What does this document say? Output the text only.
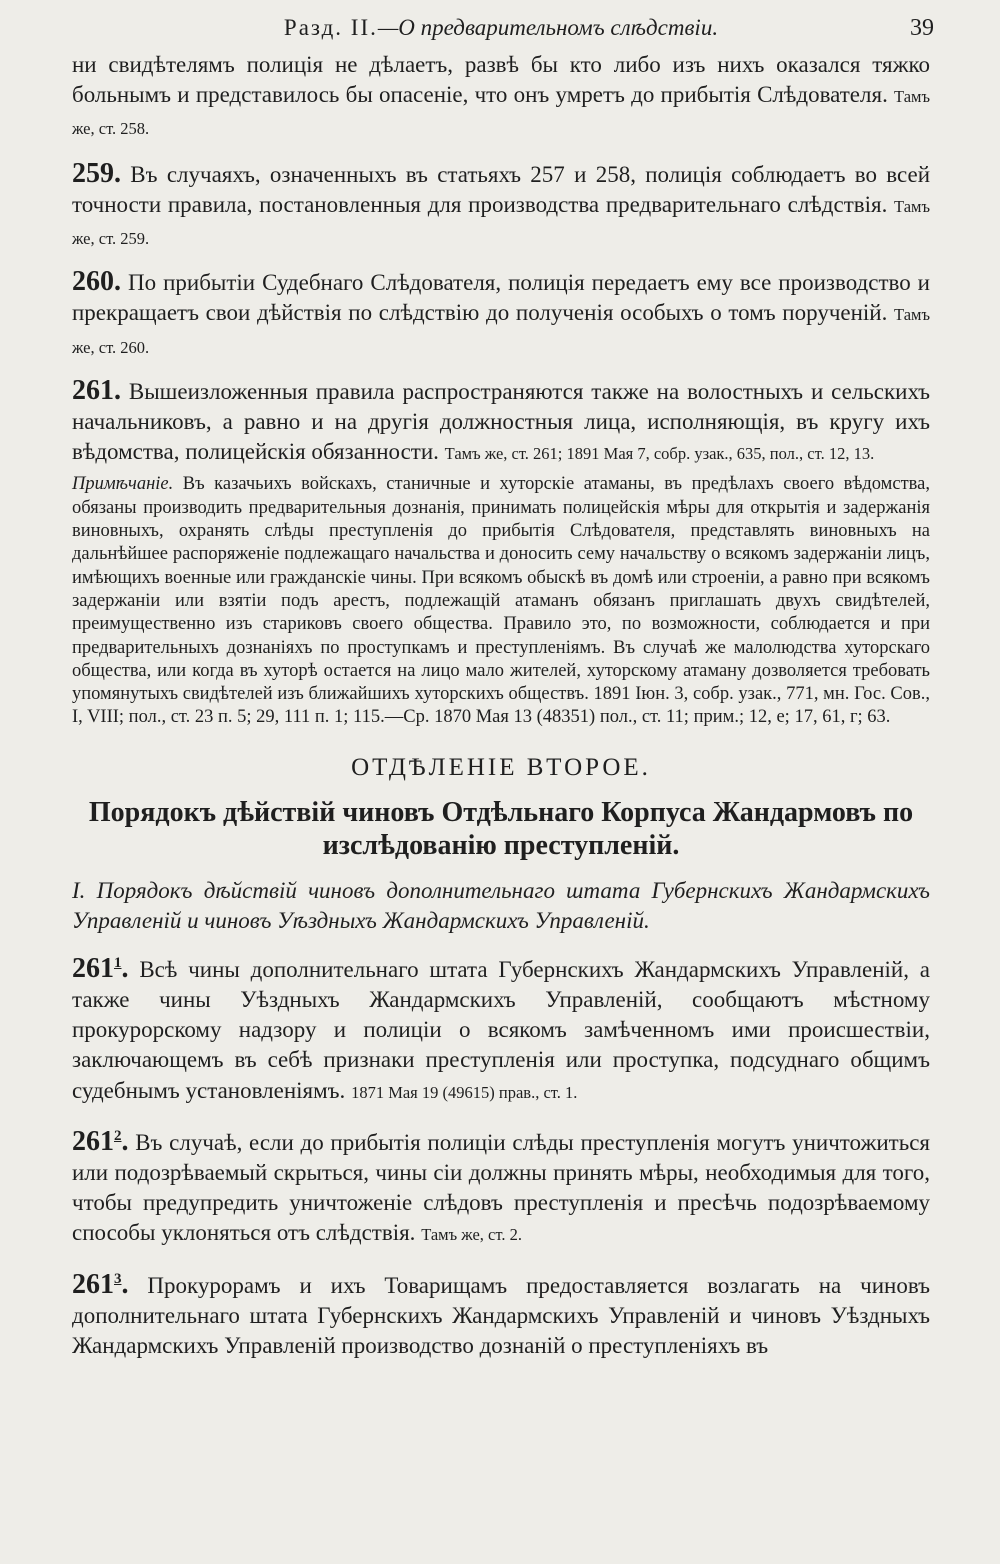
Разд. II.—О предварительномъ слѣдствіи.	39

ни свидѣтелямъ полиція не дѣлаетъ, развѣ бы кто либо изъ нихъ оказался тяжко больнымъ и представилось бы опасеніе, что онъ умретъ до прибытія Слѣдователя. Тамъ же, ст. 258.

259. Въ случаяхъ, означенныхъ въ статьяхъ 257 и 258, полиція соблюдаетъ во всей точности правила, постановленныя для производства предварительнаго слѣдствія. Тамъ же, ст. 259.

260. По прибытіи Судебнаго Слѣдователя, полиція передаетъ ему все производство и прекращаетъ свои дѣйствія по слѣдствію до полученія особыхъ о томъ порученій. Тамъ же, ст. 260.

261. Вышеизложенныя правила распространяются также на волостныхъ и сельскихъ начальниковъ, а равно и на другія должностныя лица, исполняющія, въ кругу ихъ вѣдомства, полицейскія обязанности. Тамъ же, ст. 261; 1891 Мая 7, собр. узак., 635, пол., ст. 12, 13.

Примѣчаніе. Въ казачьихъ войскахъ, станичные и хуторскіе атаманы, въ предѣлахъ своего вѣдомства, обязаны производить предварительныя дознанія, принимать полицейскія мѣры для открытія и задержанія виновныхъ, охранять слѣды преступленія до прибытія Слѣдователя, представлять виновныхъ на дальнѣйшее распоряженіе подлежащаго начальства и доносить сему начальству о всякомъ задержаніи лицъ, имѣющихъ военные или гражданскіе чины. При всякомъ обыскѣ въ домѣ или строеніи, а равно при всякомъ задержаніи или взятіи подъ арестъ, подлежащій атаманъ обязанъ приглашать двухъ свидѣтелей, преимущественно изъ стариковъ своего общества. Правило это, по возможности, соблюдается и при предварительныхъ дознаніяхъ по проступкамъ и преступленіямъ. Въ случаѣ же малолюдства хуторскаго общества, или когда въ хуторѣ остается на лицо мало жителей, хуторскому атаману дозволяется требовать упомянутыхъ свидѣтелей изъ ближайшихъ хуторскихъ обществъ. 1891 Іюн. 3, собр. узак., 771, мн. Гос. Сов., I, VIII; пол., ст. 23 п. 5; 29, 111 п. 1; 115.—Ср. 1870 Мая 13 (48351) пол., ст. 11; прим.; 12, е; 17, 61, г; 63.

ОТДѢЛЕНІЕ ВТОРОЕ.
Порядокъ дѣйствій чиновъ Отдѣльнаго Корпуса Жандармовъ по изслѣдованію преступленій.
I. Порядокъ дѣйствій чиновъ дополнительнаго штата Губернскихъ Жандармскихъ Управленій и чиновъ Уѣздныхъ Жандармскихъ Управленій.

$261^1$. Всѣ чины дополнительнаго штата Губернскихъ Жандармскихъ Управленій, а также чины Уѣздныхъ Жандармскихъ Управленій, сообщаютъ мѣстному прокурорскому надзору и полиціи о всякомъ замѣченномъ ими происшествіи, заключающемъ въ себѣ признаки преступленія или проступка, подсуднаго общимъ судебнымъ установленіямъ. 1871 Мая 19 (49615) прав., ст. 1.

$261^2$. Въ случаѣ, если до прибытія полиціи слѣды преступленія могутъ уничтожиться или подозрѣваемый скрыться, чины сіи должны принять мѣры, необходимыя для того, чтобы предупредить уничтоженіе слѣдовъ преступленія и пресѣчь подозрѣваемому способы уклоняться отъ слѣдствія. Тамъ же, ст. 2.

$261^3$. Прокурорамъ и ихъ Товарищамъ предоставляется возлагать на чиновъ дополнительнаго штата Губернскихъ Жандармскихъ Управленій и чиновъ Уѣздныхъ Жандармскихъ Управленій производство дознаній о преступленіяхъ въ
